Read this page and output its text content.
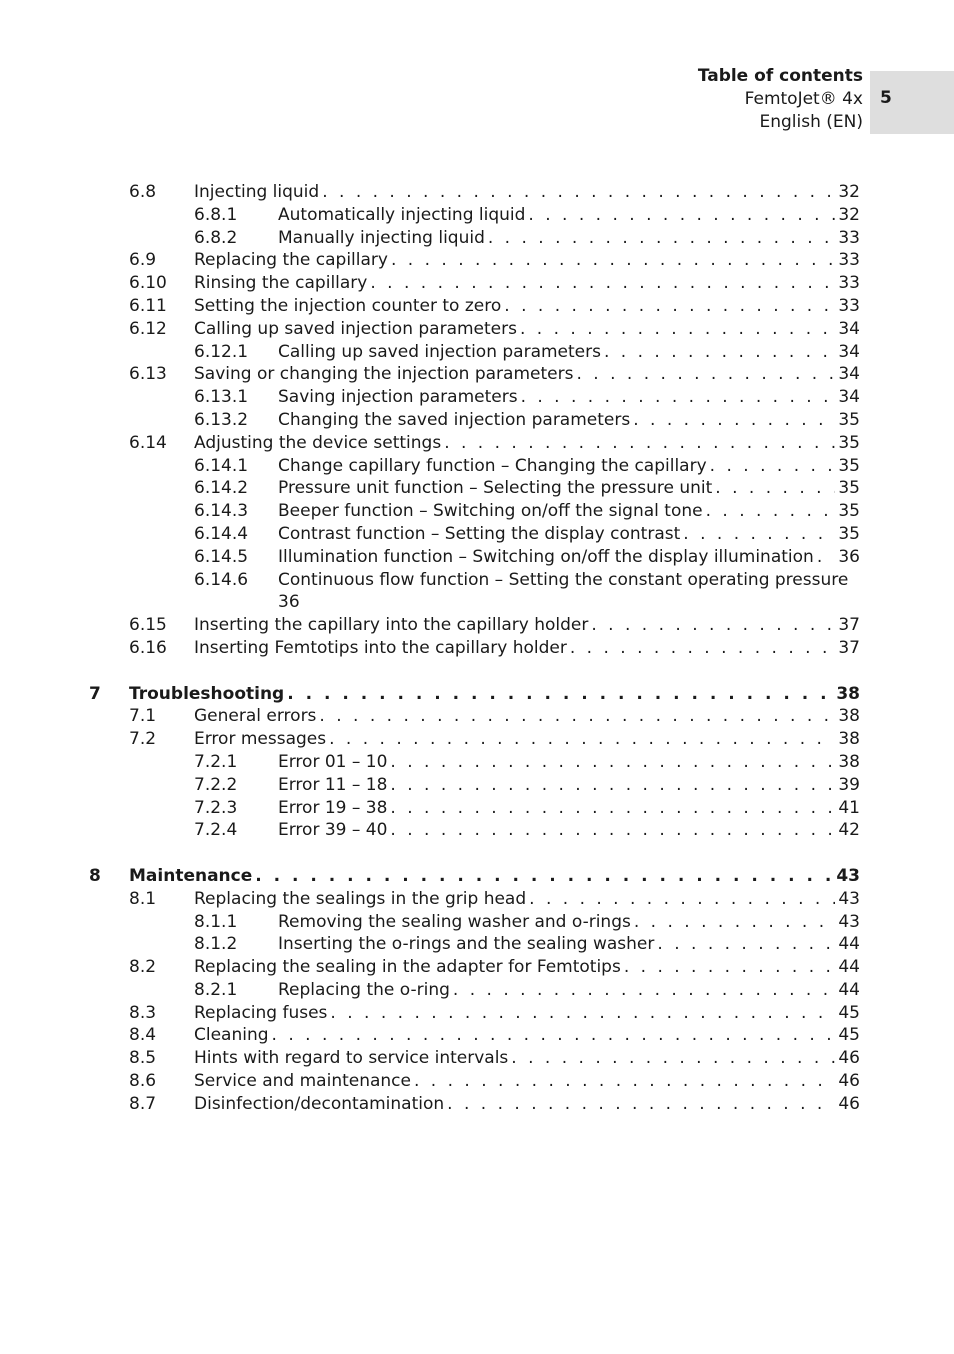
Table of contents
FemtoJet® 4x
English (EN)
5
6.8 Injecting liquid . . .	32
6.8.1 Automatically injecting liquid . . .	32
6.8.2 Manually injecting liquid . . .	33
6.9 Replacing the capillary . . .	33
6.10 Rinsing the capillary . . .	33
6.11 Setting the injection counter to zero . . .	33
6.12 Calling up saved injection parameters . . .	34
6.12.1 Calling up saved injection parameters . . .	34
6.13 Saving or changing the injection parameters . . .	34
6.13.1 Saving injection parameters . . .	34
6.13.2 Changing the saved injection parameters . . .	35
6.14 Adjusting the device settings . . .	35
6.14.1 Change capillary function – Changing the capillary . . .	35
6.14.2 Pressure unit function – Selecting the pressure unit . . .	35
6.14.3 Beeper function – Switching on/off the signal tone . . .	35
6.14.4 Contrast function – Setting the display contrast . . .	35
6.14.5 Illumination function – Switching on/off the display illumination . . . 36
6.14.6 Continuous flow function – Setting the constant operating pressure
36
6.15 Inserting the capillary into the capillary holder . . .	37
6.16 Inserting Femtotips into the capillary holder . . .	37
7 Troubleshooting . . .	38
7.1 General errors . . .	38
7.2 Error messages . . .	38
7.2.1 Error 01 – 10 . . .	38
7.2.2 Error 11 – 18 . . .	39
7.2.3 Error 19 – 38 . . .	41
7.2.4 Error 39 – 40 . . .	42
8 Maintenance . . .	43
8.1 Replacing the sealings in the grip head . . .	43
8.1.1 Removing the sealing washer and o-rings . . .	43
8.1.2 Inserting the o-rings and the sealing washer . . .	44
8.2 Replacing the sealing in the adapter for Femtotips . . .	44
8.2.1 Replacing the o-ring . . .	44
8.3 Replacing fuses . . .	45
8.4 Cleaning . . .	45
8.5 Hints with regard to service intervals . . .	46
8.6 Service and maintenance . . .	46
8.7 Disinfection/decontamination . . .	46
